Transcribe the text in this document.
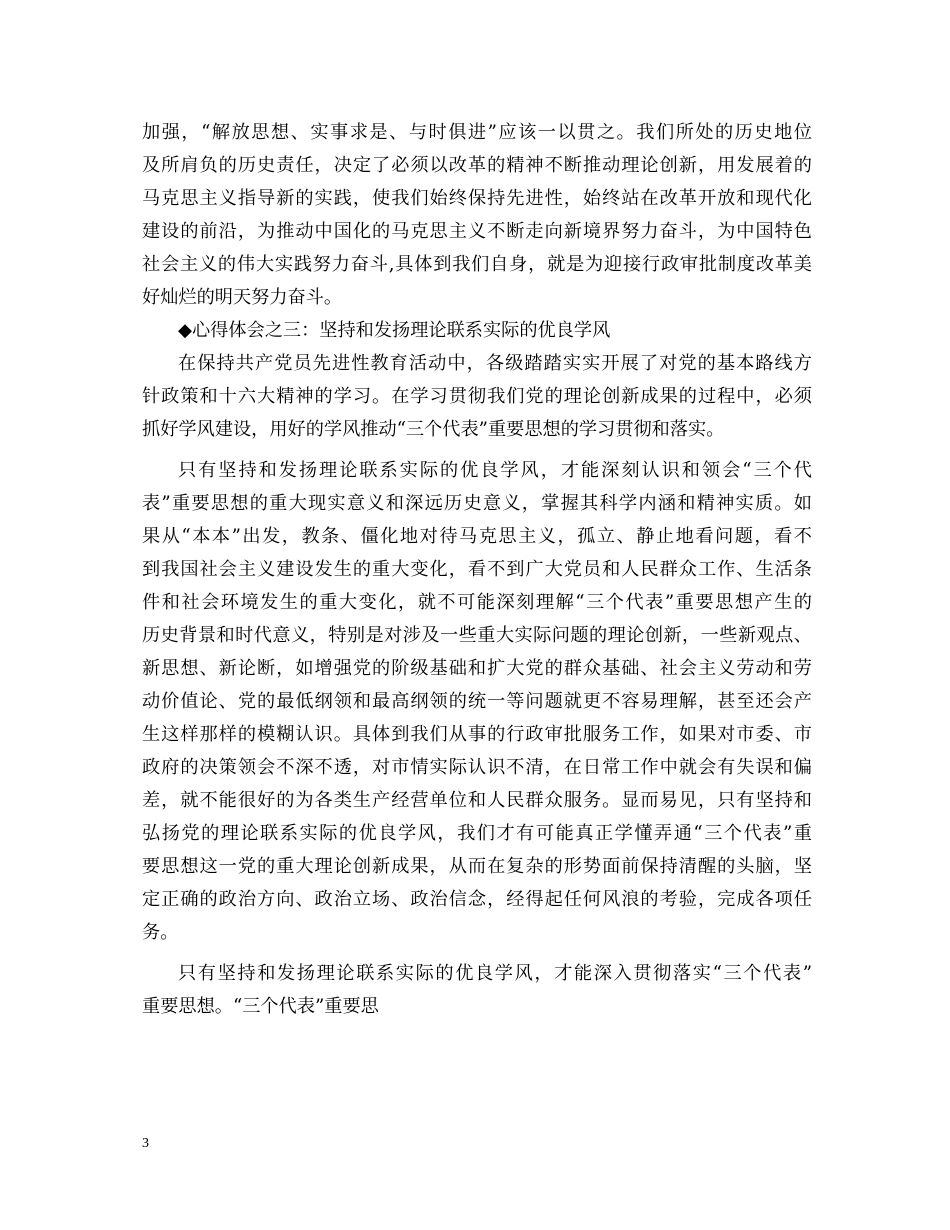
加强，“解放思想、实事求是、与时俱进”应该一以贯之。我们所处的历史地位
及所肩负的历史责任，决定了必须以改革的精神不断推动理论创新，用发展着的
马克思主义指导新的实践，使我们始终保持先进性，始终站在改革开放和现代化
建设的前沿，为推动中国化的马克思主义不断走向新境界努力奋斗，为中国特色
社会主义的伟大实践努力奋斗,具体到我们自身，就是为迎接行政审批制度改革美
好灿烂的明天努力奋斗。
◆心得体会之三：坚持和发扬理论联系实际的优良学风
在保持共产党员先进性教育活动中，各级踏踏实实开展了对党的基本路线方
针政策和十六大精神的学习。在学习贯彻我们党的理论创新成果的过程中，必须
抓好学风建设，用好的学风推动“三个代表”重要思想的学习贯彻和落实。
只有坚持和发扬理论联系实际的优良学风，才能深刻认识和领会“三个代
表”重要思想的重大现实意义和深远历史意义，掌握其科学内涵和精神实质。如
果从“本本”出发，教条、僵化地对待马克思主义，孤立、静止地看问题，看不
到我国社会主义建设发生的重大变化，看不到广大党员和人民群众工作、生活条
件和社会环境发生的重大变化，就不可能深刻理解“三个代表”重要思想产生的
历史背景和时代意义，特别是对涉及一些重大实际问题的理论创新，一些新观点、
新思想、新论断，如增强党的阶级基础和扩大党的群众基础、社会主义劳动和劳
动价值论、党的最低纲领和最高纲领的统一等问题就更不容易理解，甚至还会产
生这样那样的模糊认识。具体到我们从事的行政审批服务工作，如果对市委、市
政府的决策领会不深不透，对市情实际认识不清，在日常工作中就会有失误和偏
差，就不能很好的为各类生产经营单位和人民群众服务。显而易见，只有坚持和
弘扬党的理论联系实际的优良学风，我们才有可能真正学懂弄通“三个代表”重
要思想这一党的重大理论创新成果，从而在复杂的形势面前保持清醒的头脑，坚
定正确的政治方向、政治立场、政治信念，经得起任何风浪的考验，完成各项任
务。
只有坚持和发扬理论联系实际的优良学风，才能深入贯彻落实“三个代表”
重要思想。“三个代表”重要思
3
